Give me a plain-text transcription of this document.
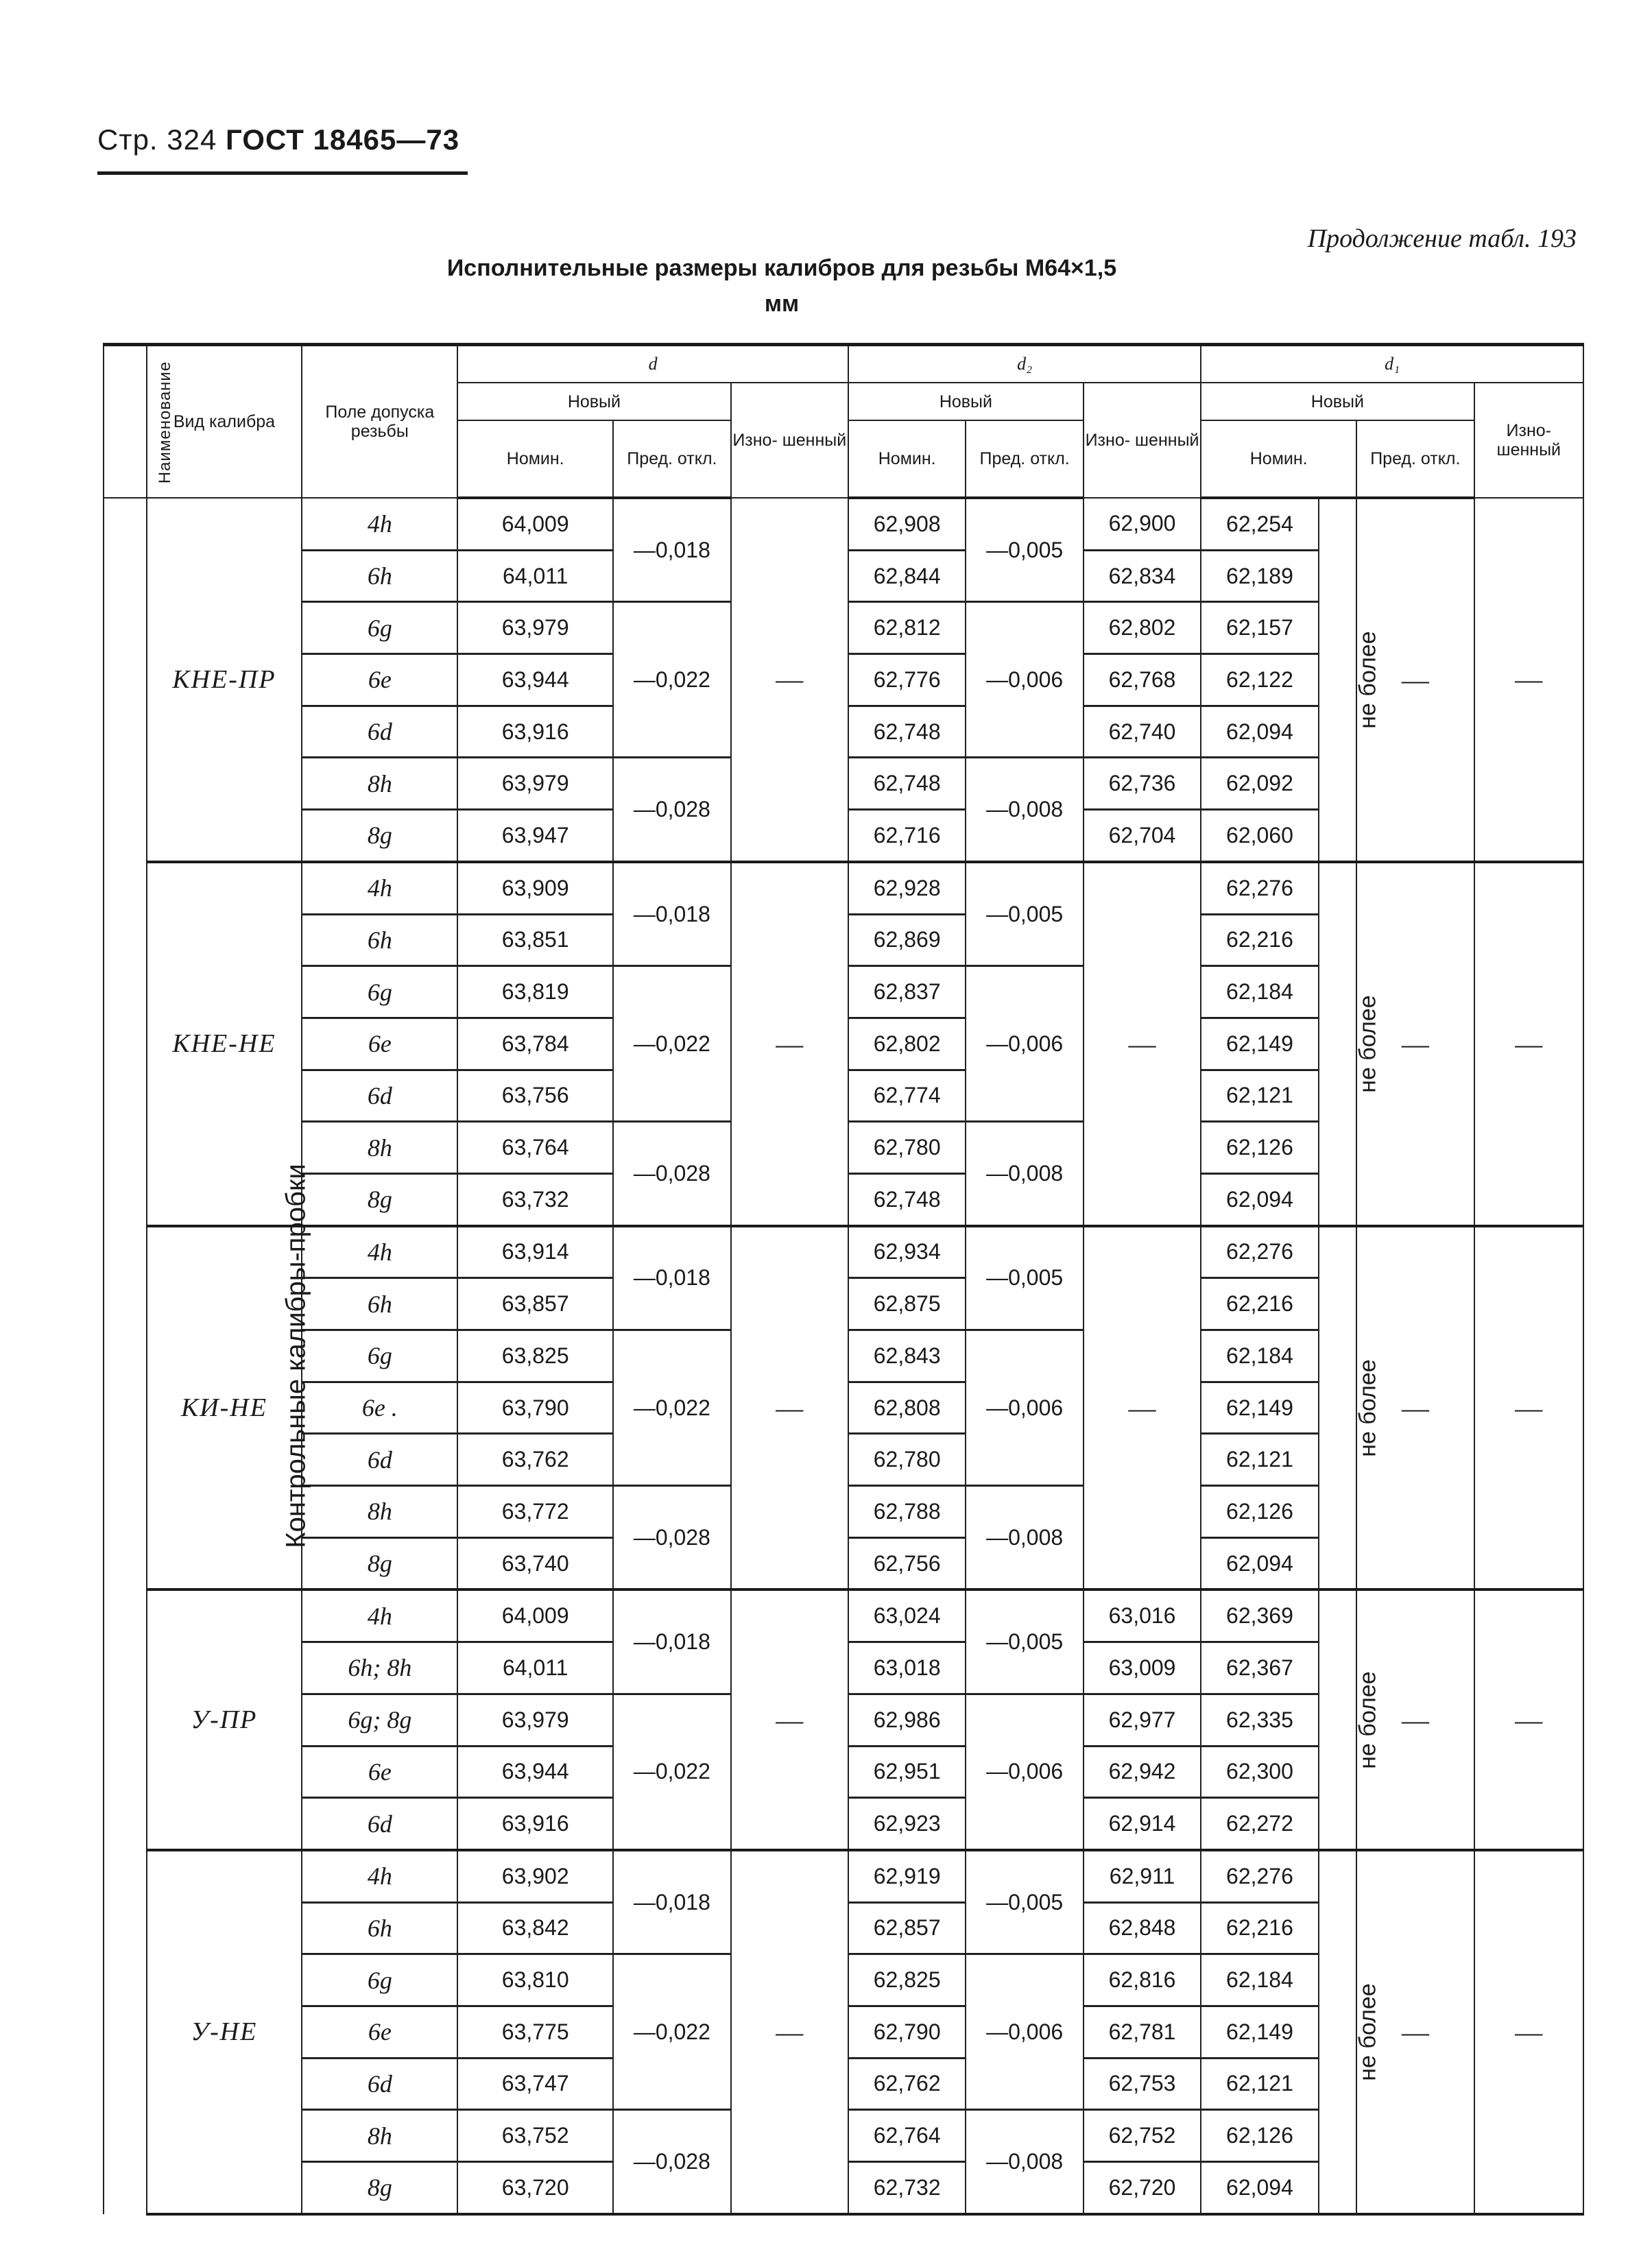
Стр. 324 ГОСТ 18465—73
Продолжение табл. 193
Исполнительные размеры калибров для резьбы М64×1,5
мм
Наименование	Вид калибра	Поле допуска резьбы	d			d₂			d₁			
			Новый		Изно- шенный	Новый		Изно- шенный	Новый			Изно- шенный
			Номин.	Пред. откл.		Номин.	Пред. откл.		Номин.		Пред. откл.	
Контрольные калибры-пробки	КНЕ-ПР	4h	64,009	—0,018	—	62,908	—0,005	62,900	62,254	не более	—	—
		6h	64,011			62,844		62,834	62,189			
		6g	63,979	—0,022		62,812	—0,006	62,802	62,157			
		6e	63,944			62,776		62,768	62,122			
		6d	63,916			62,748		62,740	62,094			
		8h	63,979	—0,028		62,748	—0,008	62,736	62,092			
		8g	63,947			62,716		62,704	62,060			
	КНЕ-НЕ	4h	63,909	—0,018	—	62,928	—0,005	—	62,276	не более	—	—
		6h	63,851			62,869			62,216			
		6g	63,819	—0,022		62,837	—0,006		62,184			
		6e	63,784			62,802			62,149			
		6d	63,756			62,774			62,121			
		8h	63,764	—0,028		62,780	—0,008		62,126			
		8g	63,732			62,748			62,094			
	КИ-НЕ	4h	63,914	—0,018	—	62,934	—0,005	—	62,276	не более	—	—
		6h	63,857			62,875			62,216			
		6g	63,825	—0,022		62,843	—0,006		62,184			
		6e .	63,790			62,808			62,149			
		6d	63,762			62,780			62,121			
		8h	63,772	—0,028		62,788	—0,008		62,126			
		8g	63,740			62,756			62,094			
	У-ПР	4h	64,009	—0,018	—	63,024	—0,005	63,016	62,369	не более	—	—
		6h; 8h	64,011			63,018		63,009	62,367			
		6g; 8g	63,979	—0,022		62,986	—0,006	62,977	62,335			
		6e	63,944			62,951		62,942	62,300			
		6d	63,916			62,923		62,914	62,272			
	У-НЕ	4h	63,902	—0,018	—	62,919	—0,005	62,911	62,276	не более	—	—
		6h	63,842			62,857		62,848	62,216			
		6g	63,810	—0,022		62,825	—0,006	62,816	62,184			
		6e	63,775			62,790		62,781	62,149			
		6d	63,747			62,762		62,753	62,121			
		8h	63,752	—0,028		62,764	—0,008	62,752	62,126			
		8g	63,720			62,732		62,720	62,094			
